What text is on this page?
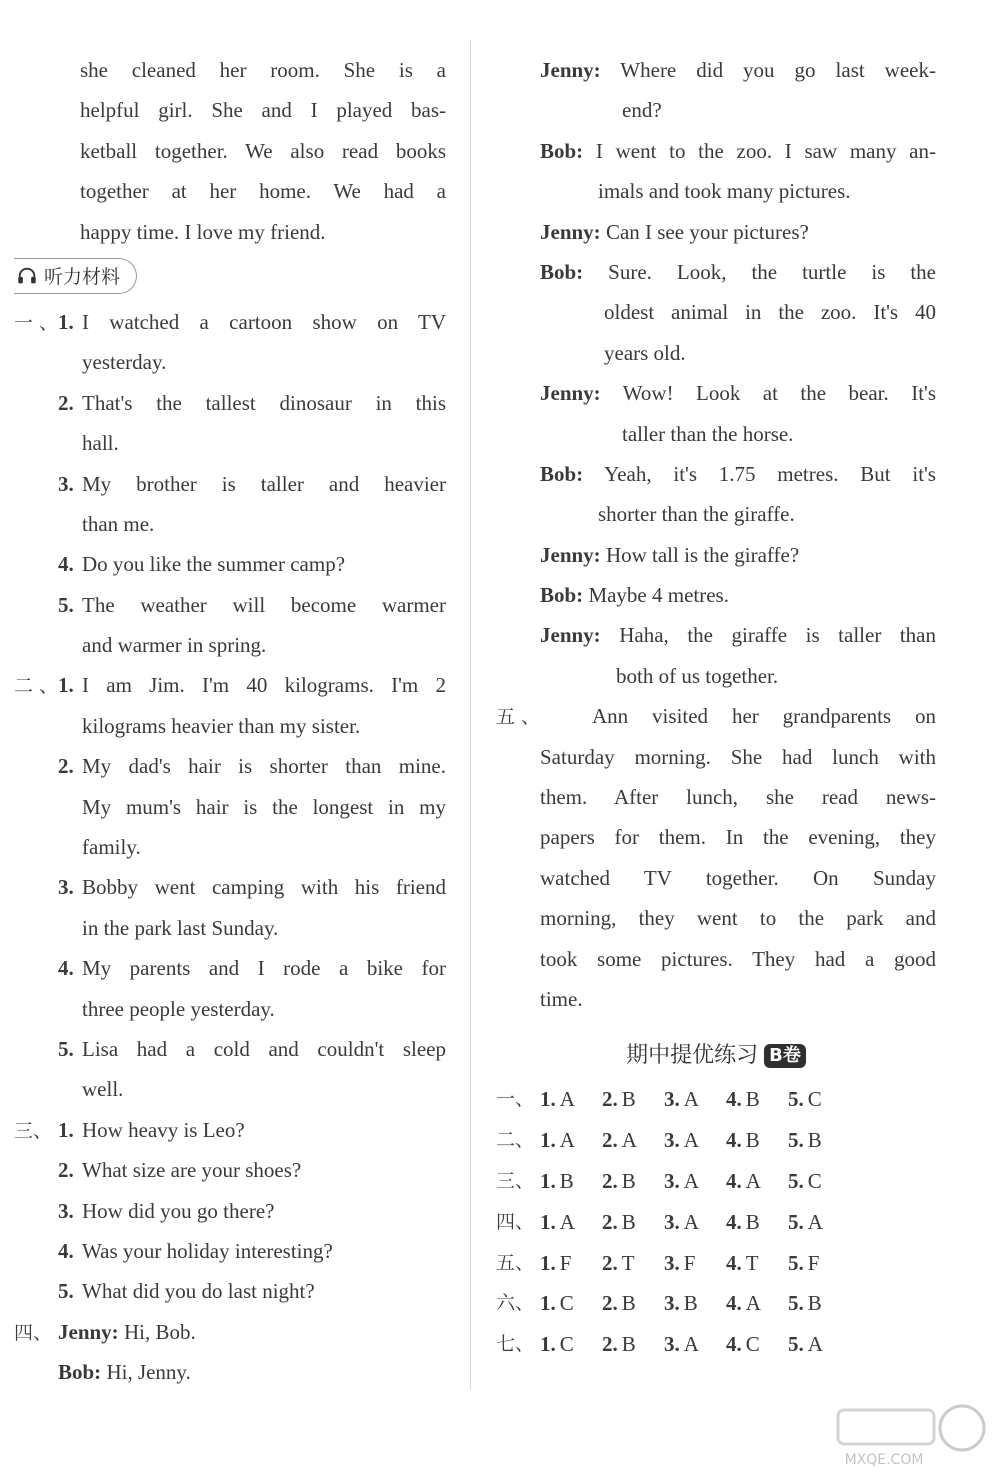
she cleaned her room. She is a
helpful girl. She and I played bas-
ketball together. We also read books
together at her home. We had a
happy time. I love my friend.
听力材料
一、1. I watched a cartoon show on TV
yesterday.
2. That's the tallest dinosaur in this
hall.
3. My brother is taller and heavier
than me.
4. Do you like the summer camp?
5. The weather will become warmer
and warmer in spring.
二、1. I am Jim. I'm 40 kilograms. I'm 2
kilograms heavier than my sister.
2. My dad's hair is shorter than mine.
My mum's hair is the longest in my
family.
3. Bobby went camping with his friend
in the park last Sunday.
4. My parents and I rode a bike for
three people yesterday.
5. Lisa had a cold and couldn't sleep
well.
三、 1. How heavy is Leo?
2. What size are your shoes?
3. How did you go there?
4. Was your holiday interesting?
5. What did you do last night?
四、 Jenny: Hi, Bob.
Bob: Hi, Jenny.
Jenny: Where did you go last week-
end?
Bob: I went to the zoo. I saw many an-
imals and took many pictures.
Jenny: Can I see your pictures?
Bob: Sure. Look, the turtle is the
oldest animal in the zoo. It's 40
years old.
Jenny: Wow! Look at the bear. It's
taller than the horse.
Bob: Yeah, it's 1.75 metres. But it's
shorter than the giraffe.
Jenny: How tall is the giraffe?
Bob: Maybe 4 metres.
Jenny: Haha, the giraffe is taller than
both of us together.
五、 Ann visited her grandparents on
Saturday morning. She had lunch with
them. After lunch, she read news-
papers for them. In the evening, they
watched TV together. On Sunday
morning, they went to the park and
took some pictures. They had a good
time.
期中提优练习 B卷
一、 1. A	2. B	3. A	4. B	5. C
二、 1. A	2. A	3. A	4. B	5. B
三、 1. B	2. B	3. A	4. A	5. C
四、 1. A	2. B	3. A	4. B	5. A
五、 1. F	2. T	3. F	4. T	5. F
六、 1. C	2. B	3. B	4. A	5. B
七、 1. C	2. B	3. A	4. C	5. A
MXQE.COM
